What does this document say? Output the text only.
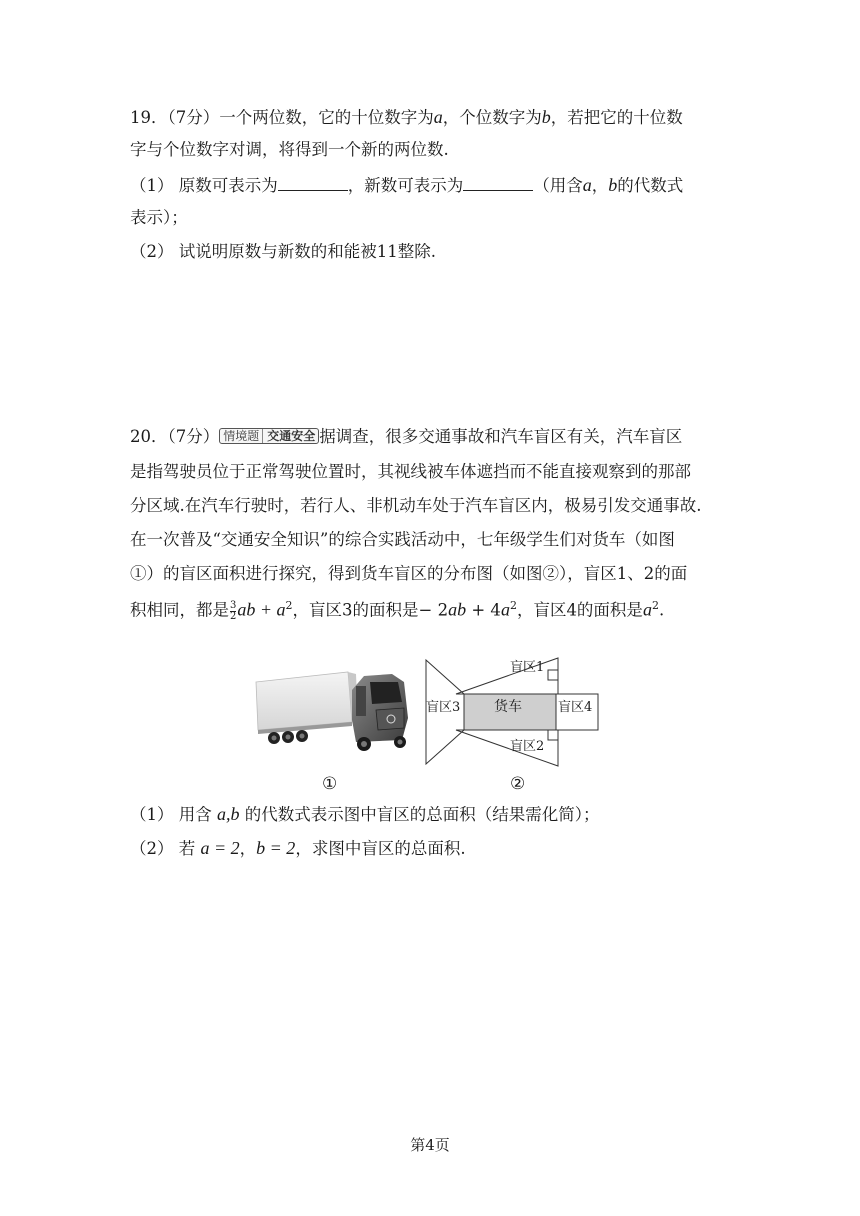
19．（7分）一个两位数，它的十位数字为a，个位数字为b，若把它的十位数
字与个位数字对调，将得到一个新的两位数.
（1） 原数可表示为	，新数可表示为	（用含a，b的代数式
表示）；
（2） 试说明原数与新数的和能被11整除.
20．（7分） 情境题 交通安全 据调查，很多交通事故和汽车盲区有关，汽车盲区
是指驾驶员位于正常驾驶位置时，其视线被车体遮挡而不能直接观察到的那部
分区域.在汽车行驶时，若行人、非机动车处于汽车盲区内，极易引发交通事故.
在一次普及“交通安全知识”的综合实践活动中，七年级学生们对货车（如图
①）的盲区面积进行探究，得到货车盲区的分布图（如图②），盲区1、2的面
积相同，都是 $\frac{3}{2}$ ab + $a^2$，盲区3的面积是− $2ab + 4a^2$，盲区4的面积是$a^2$.
①
盲区1
盲区2
盲区3	盲区4
货车
②
（1） 用含 a,b 的代数式表示图中盲区的总面积（结果需化简）；
（2） 若 a = 2，b = 2，求图中盲区的总面积.
第4页
